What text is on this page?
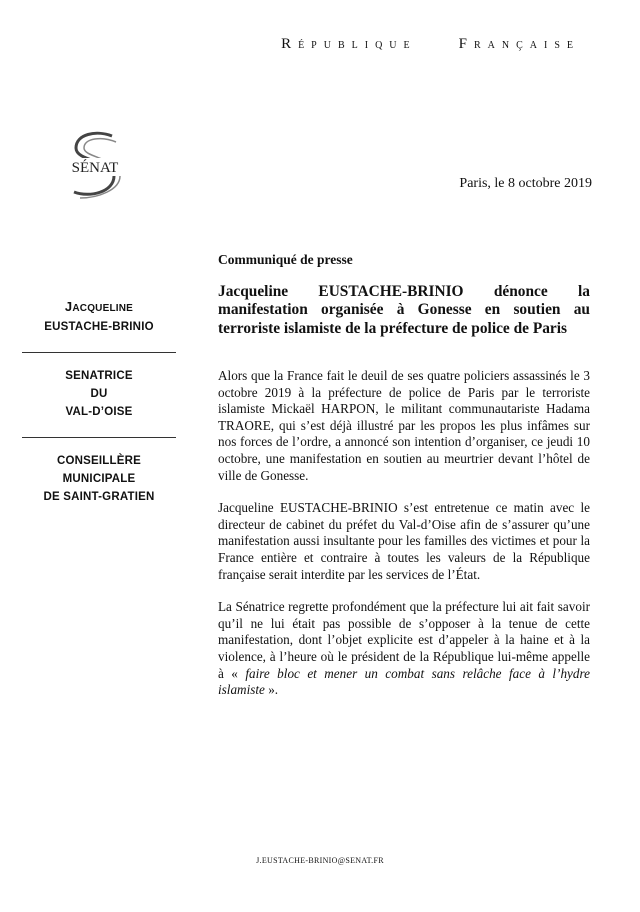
RÉPUBLIQUE	FRANÇAISE
SÉNAT
Paris, le 8 octobre 2019
JACQUELINE
EUSTACHE-BRINIO
SENATRICE
DU
VAL-D’OISE
CONSEILLÈRE MUNICIPALE
DE SAINT-GRATIEN
Communiqué de presse
Jacqueline EUSTACHE-BRINIO dénonce la manifestation organisée à Gonesse en soutien au terroriste islamiste de la préfecture de police de Paris

Alors que la France fait le deuil de ses quatre policiers assassinés le 3 octobre 2019 à la préfecture de police de Paris par le terroriste islamiste Mickaël HARPON, le militant communautariste Hadama TRAORE, qui s’est déjà illustré par les propos les plus infâmes sur nos forces de l’ordre, a annoncé son intention d’organiser, ce jeudi 10 octobre, une manifestation en soutien au meurtrier devant l’hôtel de ville de Gonesse.

Jacqueline EUSTACHE-BRINIO s’est entretenue ce matin avec le directeur de cabinet du préfet du Val-d’Oise afin de s’assurer qu’une manifestation aussi insultante pour les familles des victimes et pour la France entière et contraire à toutes les valeurs de la République française serait interdite par les services de l’État.

La Sénatrice regrette profondément que la préfecture lui ait fait savoir qu’il ne lui était pas possible de s’opposer à la tenue de cette manifestation, dont l’objet explicite est d’appeler à la haine et à la violence, à l’heure où le président de la République lui-même appelle à « faire bloc et mener un combat sans relâche face à l’hydre islamiste ».

J.EUSTACHE-BRINIO@SENAT.FR
